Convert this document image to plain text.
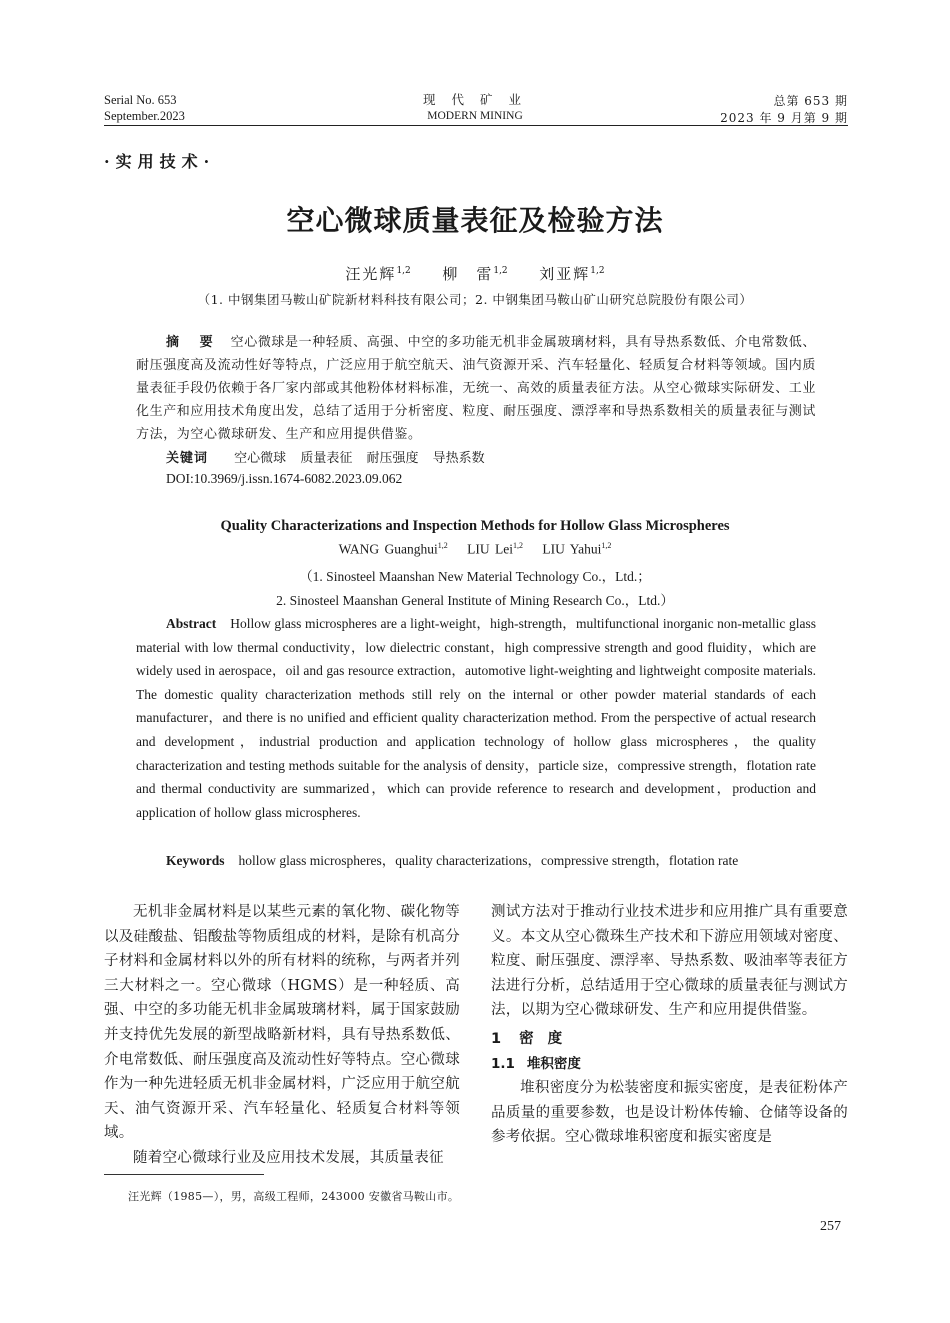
Serial No. 653
September.2023
现 代 矿 业
MODERN MINING
总第 653 期
2023 年 9 月第 9 期
·实用技术·
空心微球质量表征及检验方法
汪光辉$^{1,2}$ 柳　雷$^{1,2}$ 刘亚辉$^{1,2}$
（1. 中钢集团马鞍山矿院新材料科技有限公司；2. 中钢集团马鞍山矿山研究总院股份有限公司）
摘 要 空心微球是一种轻质、高强、中空的多功能无机非金属玻璃材料，具有导热系数低、介电常数低、耐压强度高及流动性好等特点，广泛应用于航空航天、油气资源开采、汽车轻量化、轻质复合材料等领域。国内质量表征手段仍依赖于各厂家内部或其他粉体材料标准，无统一、高效的质量表征方法。从空心微球实际研发、工业化生产和应用技术角度出发，总结了适用于分析密度、粒度、耐压强度、漂浮率和导热系数相关的质量表征与测试方法，为空心微球研发、生产和应用提供借鉴。
关键词 空心微球 质量表征 耐压强度 导热系数
DOI:10.3969/j.issn.1674-6082.2023.09.062
Quality Characterizations and Inspection Methods for Hollow Glass Microspheres
WANG Guanghui$^{1,2}$ LIU Lei$^{1,2}$ LIU Yahui$^{1,2}$
（1. Sinosteel Maanshan New Material Technology Co.，Ltd.；
2. Sinosteel Maanshan General Institute of Mining Research Co.，Ltd.）
Abstract Hollow glass microspheres are a light-weight，high-strength，multifunctional inorganic non-metallic glass material with low thermal conductivity，low dielectric constant，high compressive strength and good fluidity，which are widely used in aerospace，oil and gas resource extraction，automotive light-weighting and lightweight composite materials. The domestic quality characterization methods still rely on the internal or other powder material standards of each manufacturer，and there is no unified and efficient quality characterization method. From the perspective of actual research and development，industrial production and application technology of hollow glass microspheres，the quality characterization and testing methods suitable for the analysis of density，particle size，compressive strength，flotation rate and thermal conductivity are summarized，which can provide reference to research and development，production and application of hollow glass microspheres.
Keywords hollow glass microspheres，quality characterizations，compressive strength，flotation rate

无机非金属材料是以某些元素的氧化物、碳化物等以及硅酸盐、铝酸盐等物质组成的材料，是除有机高分子材料和金属材料以外的所有材料的统称，与两者并列三大材料之一。空心微球（HGMS）是一种轻质、高强、中空的多功能无机非金属玻璃材料，属于国家鼓励并支持优先发展的新型战略新材料，具有导热系数低、介电常数低、耐压强度高及流动性好等特点。空心微球作为一种先进轻质无机非金属材料，广泛应用于航空航天、油气资源开采、汽车轻量化、轻质复合材料等领域。

随着空心微球行业及应用技术发展，其质量表征

测试方法对于推动行业技术进步和应用推广具有重要意义。本文从空心微珠生产技术和下游应用领域对密度、粒度、耐压强度、漂浮率、导热系数、吸油率等表征方法进行分析，总结适用于空心微球的质量表征与测试方法，以期为空心微球研发、生产和应用提供借鉴。

1 密度
1.1 堆积密度

堆积密度分为松装密度和振实密度，是表征粉体产品质量的重要参数，也是设计粉体传输、仓储等设备的参考依据。空心微球堆积密度和振实密度是

汪光辉（1985—），男，高级工程师，243000 安徽省马鞍山市。
257
